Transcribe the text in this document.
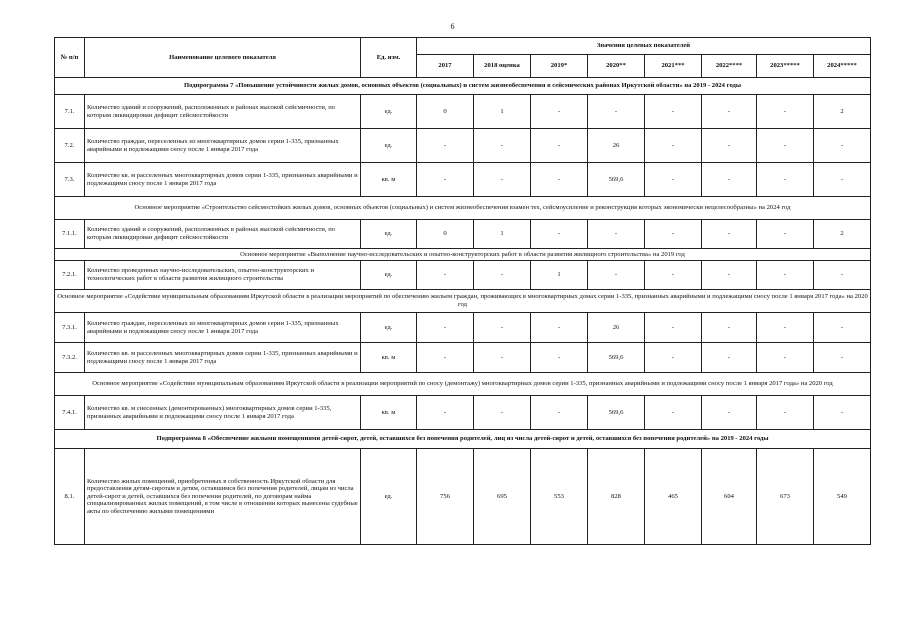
6
№ п/п	Наименование целевого показателя	Ед. изм.	Значения целевых показателей							
			2017	2018 оценка	2019*	2020**	2021***	2022****	2023*****	2024*****
Подпрограмма 7 «Повышение устойчивости жилых домов, основных объектов (социальных) и систем жизнеобеспечения в сейсмических районах Иркутской области» на 2019 - 2024 годы										
7.1.	Количество зданий и сооружений, расположенных в районах высокой сейсмичности, по которым ликвидирован дефицит сейсмостойкости	ед.	0	1	-	-	-	-	-	2
7.2.	Количество граждан, переселенных из многоквартирных домов серии 1-335, признанных аварийными и подлежащими сносу после 1 января 2017 года	ед.	-	-	-	26	-	-	-	-
7.3.	Количество кв. м расселенных многоквартирных домов серии 1-335, признанных аварийными и подлежащими сносу после 1 января 2017 года	кв. м	-	-	-	569,6	-	-	-	-
Основное мероприятие «Строительство сейсмостойких жилых домов, основных объектов (социальных) и систем жизнеобеспечения взамен тех, сейсмоусиление и реконструкция которых экономически нецелесообразны» на 2024 год										
7.1.1.	Количество зданий и сооружений, расположенных в районах высокой сейсмичности, по которым ликвидирован дефицит сейсмостойкости	ед.	0	1	-	-	-	-	-	2
Основное мероприятие «Выполнение научно-исследовательских и опытно-конструкторских работ в области развития жилищного строительства» на 2019 год										
7.2.1.	Количество проведенных научно-исследовательских, опытно-конструкторских и технологических работ в области развития жилищного строительства	ед.	-	-	1	-	-	-	-	-
Основное мероприятие «Содействие муниципальным образованиям Иркутской области в реализации мероприятий по обеспечению жильем граждан, проживающих в многоквартирных домах серии 1-335, признанных аварийными и подлежащими сносу после 1 января 2017 года» на 2020 год										
7.3.1.	Количество граждан, переселенных из многоквартирных домов серии 1-335, признанных аварийными и подлежащими сносу после 1 января 2017 года	ед.	-	-	-	26	-	-	-	-
7.3.2.	Количество кв. м расселенных многоквартирных домов серии 1-335, признанных аварийными и подлежащими сносу после 1 января 2017 года	кв. м	-	-	-	569,6	-	-	-	-
Основное мероприятие «Содействие муниципальным образованиям Иркутской области в реализации мероприятий по сносу (демонтажу) многоквартирных домов серии 1-335, признанных аварийными и подлежащими сносу после 1 января 2017 года» на 2020 год										
7.4.1.	Количество кв. м снесенных (демонтированных) многоквартирных домов серии 1-335, признанных аварийными и подлежащими сносу после 1 января 2017 года	кв. м	-	-	-	569,6	-	-	-	-
Подпрограмма 8 «Обеспечение жилыми помещениями детей-сирот, детей, оставшихся без попечения родителей, лиц из числа детей-сирот и детей, оставшихся без попечения родителей» на 2019 - 2024 годы										
8.1.	Количество жилых помещений, приобретенных в собственность Иркутской области для предоставления детям-сиротам и детям, оставшимся без попечения родителей, лицам из числа детей-сирот и детей, оставшихся без попечения родителей, по договорам найма специализированных жилых помещений, в том числе в отношении которых вынесены судебные акты по обеспечению жилыми помещениями	ед.	756	695	553	828	465	604	673	549
